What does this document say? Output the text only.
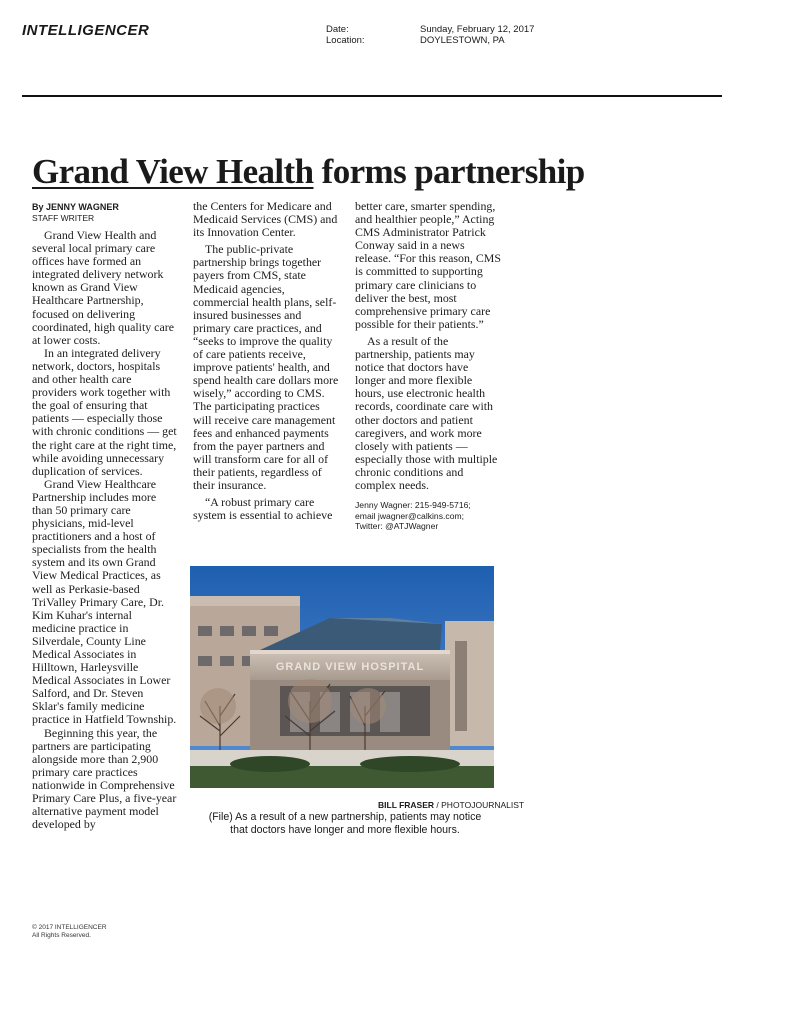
INTELLIGENCER	Date:
Location:
Sunday, February 12, 2017
DOYLESTOWN, PA
Grand View Health forms partnership
By JENNY WAGNER
STAFF WRITER

Grand View Health and several local primary care offices have formed an integrated delivery network known as Grand View Healthcare Partnership, focused on delivering coordinated, high quality care at lower costs.

In an integrated delivery network, doctors, hospitals and other health care providers work together with the goal of ensuring that patients — especially those with chronic conditions — get the right care at the right time, while avoiding unnecessary duplication of services.

Grand View Healthcare Partnership includes more than 50 primary care physicians, mid-level practitioners and a host of specialists from the health system and its own Grand View Medical Practices, as well as Perkasie-based TriValley Primary Care, Dr. Kim Kuhar's internal medicine practice in Silverdale, County Line Medical Associates in Hilltown, Harleysville Medical Associates in Lower Salford, and Dr. Steven Sklar's family medicine practice in Hatfield Township.

Beginning this year, the partners are participating alongside more than 2,900 primary care practices nationwide in Comprehensive Primary Care Plus, a five-year alternative payment model developed by

the Centers for Medicare and Medicaid Services (CMS) and its Innovation Center.

The public-private partnership brings together payers from CMS, state Medicaid agencies, commercial health plans, self-insured businesses and primary care practices, and “seeks to improve the quality of care patients receive, improve patients' health, and spend health care dollars more wisely,” according to CMS. The participating practices will receive care management fees and enhanced payments from the payer partners and will transform care for all of their patients, regardless of their insurance.

“A robust primary care system is essential to achieve

better care, smarter spending, and healthier people,” Acting CMS Administrator Patrick Conway said in a news release. “For this reason, CMS is committed to supporting primary care clinicians to deliver the best, most comprehensive primary care possible for their patients.”

As a result of the partnership, patients may notice that doctors have longer and more flexible hours, use electronic health records, coordinate care with other doctors and patient caregivers, and work more closely with patients — especially those with multiple chronic conditions and complex needs.

Jenny Wagner: 215-949-5716;
email jwagner@calkins.com;
Twitter: @ATJWagner
GRAND VIEW HOSPITAL
BILL FRASER / PHOTOJOURNALIST
(File) As a result of a new partnership, patients may notice that doctors have longer and more flexible hours.
© 2017 INTELLIGENCER
All Rights Reserved.
